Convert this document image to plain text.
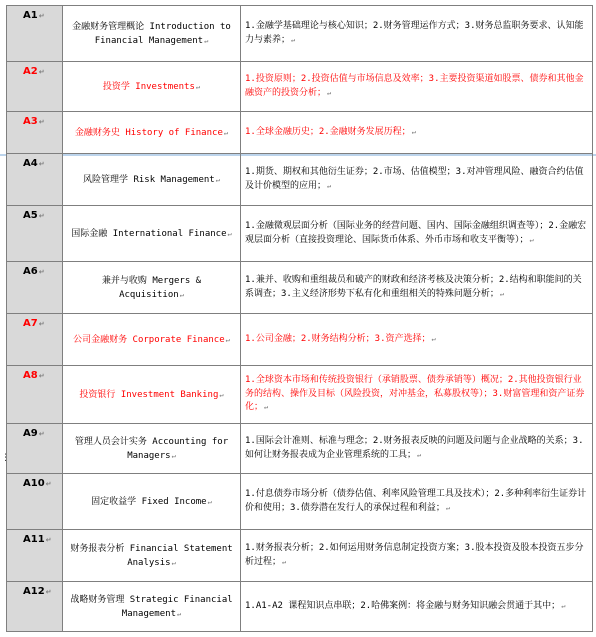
A1↵	金融财务管理概论 Introduction to Financial Management↵	1.金融学基础理论与核心知识；2.财务管理运作方式；3.财务总监职务要求、认知能力与素养；↵
A2↵	投资学 Investments↵	1.投资原则；2.投资估值与市场信息及效率；3.主要投资渠道如股票、债券和其他金融资产的投资分析；↵
A3↵	金融财务史 History of Finance↵	1.全球金融历史；2.金融财务发展历程；↵
A4↵	风险管理学 Risk Management↵	1.期货、期权和其他衍生证券；2.市场、估值模型；3.对冲管理风险、融资合约估值及计价模型的应用；↵
A5↵	国际金融 International Finance↵	1.金融微观层面分析（国际业务的经营问题、国内、国际金融组织调查等）；2.金融宏观层面分析（直接投资理论、国际货币体系、外币市场和收支平衡等）；↵
A6↵	兼并与收购 Mergers & Acquisition↵	1.兼并、收购和重组裁员和破产的财政和经济考核及决策分析；2.结构和职能间的关系调查；3.主义经济形势下私有化和重组相关的特殊问题分析；↵
A7↵	公司金融财务 Corporate Finance↵	1.公司金融；2.财务结构分析；3.资产选择；↵
A8↵	投资银行 Investment Banking↵	1.全球资本市场和传统投资银行（承销股票、债券承销等）概况；2.其他投资银行业务的结构、操作及目标（风险投资，对冲基金，私募股权等）；3.财富管理和资产证券化；↵
A9↵	管理人员会计实务 Accounting for Managers↵	1.国际会计准则、标准与理念；2.财务报表反映的问题及问题与企业战略的关系；3.如何让财务报表成为企业管理系统的工具；↵
A10↵	固定收益学 Fixed Income↵	1.付息债券市场分析（债券估值、利率风险管理工具及技术）；2.多种利率衍生证券计价和使用；3.债券潜在发行人的承保过程和利益；↵
A11↵	财务报表分析 Financial Statement Analysis↵	1.财务报表分析；2.如何运用财务信息制定投资方案；3.股本投资及股本投资五步分析过程；↵
A12↵	战略财务管理 Strategic Financial Management↵	1.A1-A2 课程知识点串联；2.哈佛案例：将金融与财务知识融会贯通于其中；↵
⋮
